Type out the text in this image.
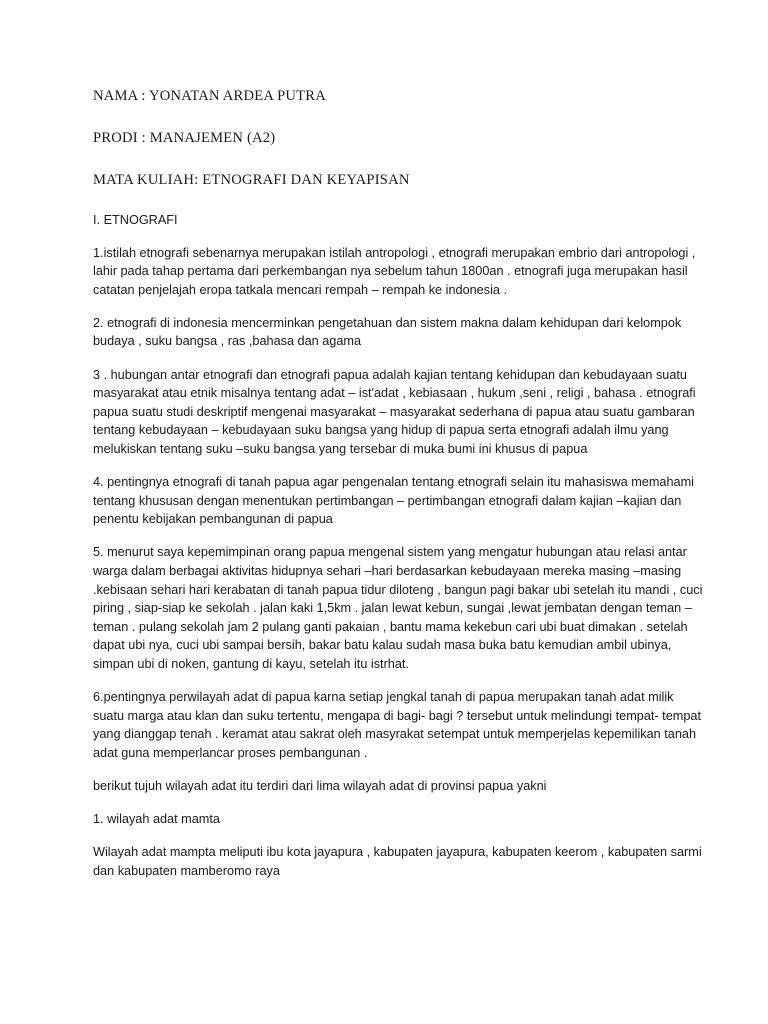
NAMA : YONATAN ARDEA PUTRA

PRODI : MANAJEMEN (A2)

MATA KULIAH: ETNOGRAFI DAN KEYAPISAN

I. ETNOGRAFI

1.istilah etnografi sebenarnya merupakan istilah antropologi , etnografi merupakan embrio dari antropologi , lahir pada tahap pertama dari perkembangan nya sebelum tahun 1800an . etnografi juga merupakan hasil catatan penjelajah eropa tatkala mencari rempah – rempah ke indonesia .

2. etnografi di indonesia mencerminkan pengetahuan dan sistem makna dalam kehidupan dari kelompok budaya , suku bangsa , ras ,bahasa dan agama

3 . hubungan antar etnografi dan etnografi papua adalah kajian tentang kehidupan dan kebudayaan suatu masyarakat atau etnik misalnya tentang adat – ist'adat , kebiasaan , hukum ,seni , religi , bahasa . etnografi papua suatu studi deskriptif mengenai masyarakat – masyarakat sederhana di papua atau suatu gambaran tentang kebudayaan – kebudayaan suku bangsa yang hidup di papua serta etnografi adalah ilmu yang melukiskan tentang suku –suku bangsa yang tersebar di muka bumi ini khusus di papua

4. pentingnya etnografi di tanah papua agar pengenalan tentang etnografi selain itu mahasiswa memahami tentang khususan dengan menentukan pertimbangan – pertimbangan etnografi dalam kajian –kajian dan penentu kebijakan pembangunan di papua

5. menurut saya kepemimpinan orang papua mengenal sistem yang mengatur hubungan atau relasi antar warga dalam berbagai aktivitas hidupnya sehari –hari berdasarkan kebudayaan mereka masing –masing .kebisaan sehari hari kerabatan di tanah papua tidur diloteng , bangun pagi bakar ubi setelah itu mandi , cuci piring , siap-siap ke sekolah . jalan kaki 1,5km . jalan lewat kebun, sungai ,lewat jembatan dengan teman –teman . pulang sekolah jam 2 pulang ganti pakaian , bantu mama kekebun cari ubi buat dimakan . setelah dapat ubi nya, cuci ubi sampai bersih, bakar batu kalau sudah masa buka batu kemudian ambil ubinya, simpan ubi di noken, gantung di kayu, setelah itu istrhat.

6.pentingnya perwilayah adat di papua karna setiap jengkal tanah di papua merupakan tanah adat milik suatu marga atau klan dan suku tertentu, mengapa di bagi- bagi ? tersebut untuk melindungi tempat- tempat yang dianggap tenah . keramat atau sakrat oleh masyrakat setempat untuk memperjelas kepemilikan tanah adat guna memperlancar proses pembangunan .

berikut tujuh wilayah adat itu terdiri dari lima wilayah adat di provinsi papua yakni

1. wilayah adat mamta

Wilayah adat mampta meliputi ibu kota jayapura , kabupaten jayapura, kabupaten keerom , kabupaten sarmi dan kabupaten mamberomo raya
